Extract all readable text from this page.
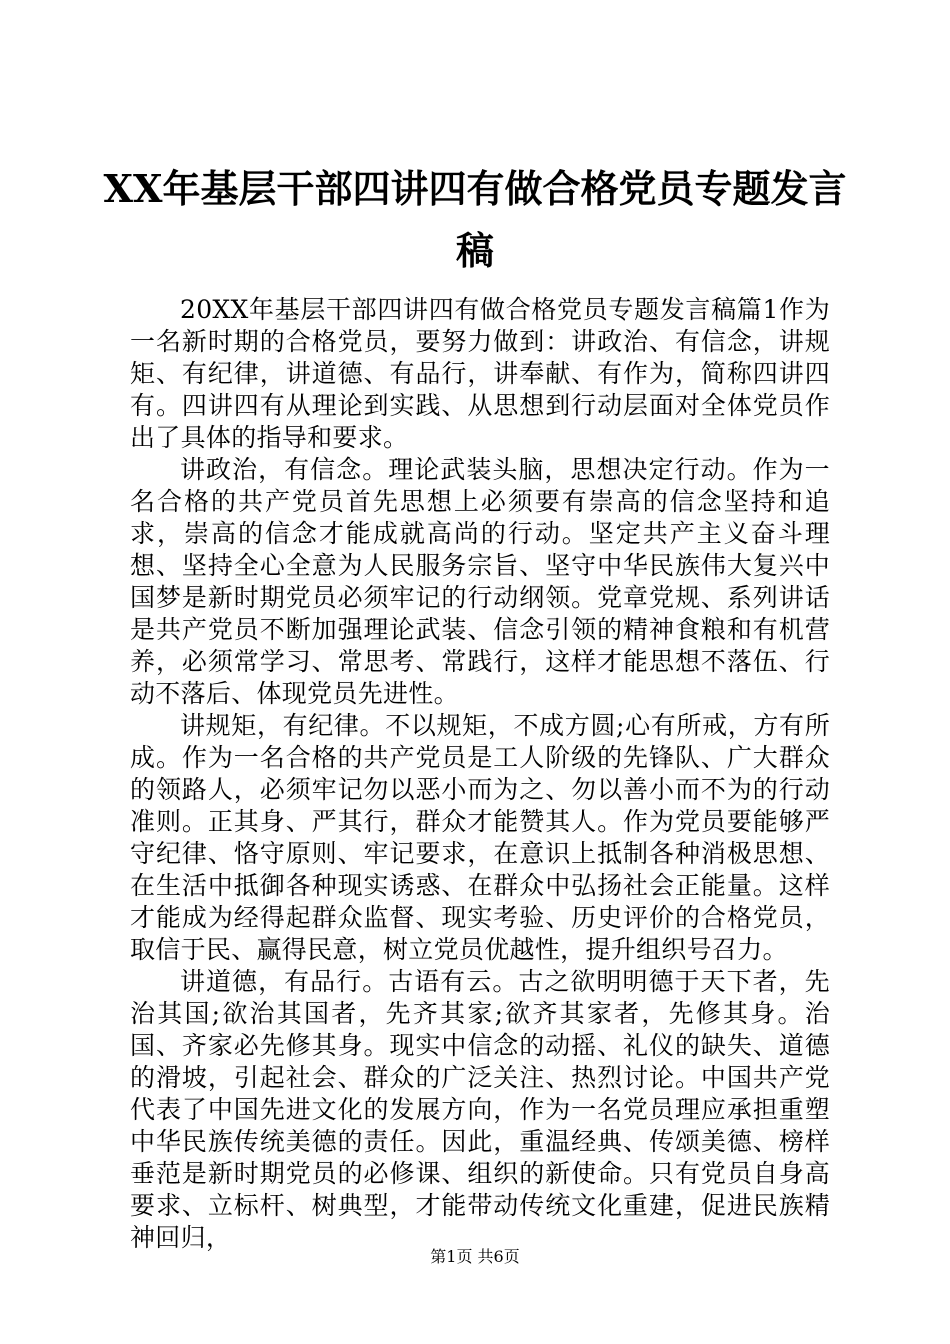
XX年基层干部四讲四有做合格党员专题发言稿

20XX年基层干部四讲四有做合格党员专题发言稿篇1作为一名新时期的合格党员，要努力做到：讲政治、有信念，讲规矩、有纪律，讲道德、有品行，讲奉献、有作为，简称四讲四有。四讲四有从理论到实践、从思想到行动层面对全体党员作出了具体的指导和要求。

讲政治，有信念。理论武装头脑，思想决定行动。作为一名合格的共产党员首先思想上必须要有崇高的信念坚持和追求，崇高的信念才能成就高尚的行动。坚定共产主义奋斗理想、坚持全心全意为人民服务宗旨、坚守中华民族伟大复兴中国梦是新时期党员必须牢记的行动纲领。党章党规、系列讲话是共产党员不断加强理论武装、信念引领的精神食粮和有机营养，必须常学习、常思考、常践行，这样才能思想不落伍、行动不落后、体现党员先进性。

讲规矩，有纪律。不以规矩，不成方圆;心有所戒，方有所成。作为一名合格的共产党员是工人阶级的先锋队、广大群众的领路人，必须牢记勿以恶小而为之、勿以善小而不为的行动准则。正其身、严其行，群众才能赞其人。作为党员要能够严守纪律、恪守原则、牢记要求，在意识上抵制各种消极思想、在生活中抵御各种现实诱惑、在群众中弘扬社会正能量。这样才能成为经得起群众监督、现实考验、历史评价的合格党员，取信于民、赢得民意，树立党员优越性，提升组织号召力。

讲道德，有品行。古语有云。古之欲明明德于天下者，先治其国;欲治其国者，先齐其家;欲齐其家者，先修其身。治国、齐家必先修其身。现实中信念的动摇、礼仪的缺失、道德的滑坡，引起社会、群众的广泛关注、热烈讨论。中国共产党代表了中国先进文化的发展方向，作为一名党员理应承担重塑中华民族传统美德的责任。因此，重温经典、传颂美德、榜样垂范是新时期党员的必修课、组织的新使命。只有党员自身高要求、立标杆、树典型，才能带动传统文化重建，促进民族精神回归，

第1页 共6页
